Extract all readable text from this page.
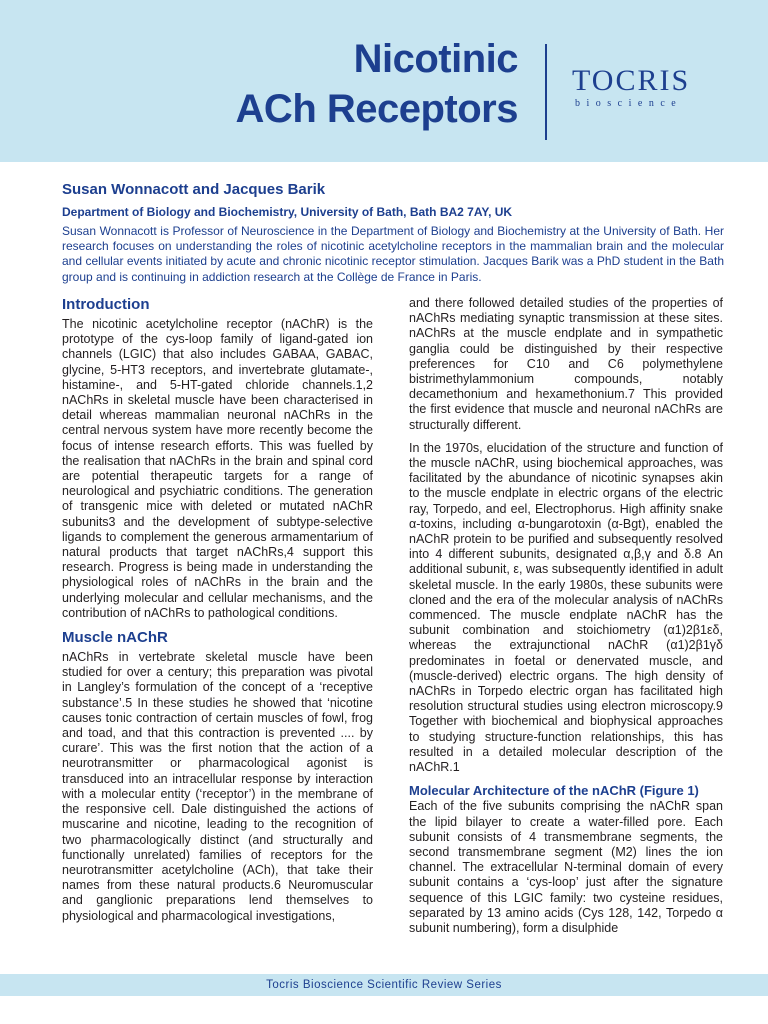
Nicotinic
ACh Receptors
TOCRIS
bioscience
Susan Wonnacott and Jacques Barik
Department of Biology and Biochemistry, University of Bath, Bath BA2 7AY, UK
Susan Wonnacott is Professor of Neuroscience in the Department of Biology and Biochemistry at the University of Bath. Her research focuses on understanding the roles of nicotinic acetylcholine receptors in the mammalian brain and the molecular and cellular events initiated by acute and chronic nicotinic receptor stimulation. Jacques Barik was a PhD student in the Bath group and is continuing in addiction research at the Collège de France in Paris.
Introduction

The nicotinic acetylcholine receptor (nAChR) is the prototype of the cys-loop family of ligand-gated ion channels (LGIC) that also includes GABAA, GABAC, glycine, 5-HT3 receptors, and invertebrate glutamate-, histamine-, and 5-HT-gated chloride channels.1,2 nAChRs in skeletal muscle have been characterised in detail whereas mammalian neuronal nAChRs in the central nervous system have more recently become the focus of intense research efforts. This was fuelled by the realisation that nAChRs in the brain and spinal cord are potential therapeutic targets for a range of neurological and psychiatric conditions. The generation of transgenic mice with deleted or mutated nAChR subunits3 and the development of subtype-selective ligands to complement the generous armamentarium of natural products that target nAChRs,4 support this research. Progress is being made in understanding the physiological roles of nAChRs in the brain and the underlying molecular and cellular mechanisms, and the contribution of nAChRs to pathological conditions.

Muscle nAChR

nAChRs in vertebrate skeletal muscle have been studied for over a century; this preparation was pivotal in Langley’s formulation of the concept of a ‘receptive substance’.5 In these studies he showed that ‘nicotine causes tonic contraction of certain muscles of fowl, frog and toad, and that this contraction is prevented .... by curare’. This was the first notion that the action of a neurotransmitter or pharmacological agonist is transduced into an intracellular response by interaction with a molecular entity (‘receptor’) in the membrane of the responsive cell. Dale distinguished the actions of muscarine and nicotine, leading to the recognition of two pharmacologically distinct (and structurally and functionally unrelated) families of receptors for the neurotransmitter acetylcholine (ACh), that take their names from these natural products.6 Neuromuscular and ganglionic preparations lend themselves to physiological and pharmacological investigations,

and there followed detailed studies of the properties of nAChRs mediating synaptic transmission at these sites. nAChRs at the muscle endplate and in sympathetic ganglia could be distinguished by their respective preferences for C10 and C6 polymethylene bistrimethylammonium compounds, notably decamethonium and hexamethonium.7 This provided the first evidence that muscle and neuronal nAChRs are structurally different.

In the 1970s, elucidation of the structure and function of the muscle nAChR, using biochemical approaches, was facilitated by the abundance of nicotinic synapses akin to the muscle endplate in electric organs of the electric ray, Torpedo, and eel, Electrophorus. High affinity snake α-toxins, including α-bungarotoxin (α-Bgt), enabled the nAChR protein to be purified and subsequently resolved into 4 different subunits, designated α,β,γ and δ.8 An additional subunit, ε, was subsequently identified in adult skeletal muscle. In the early 1980s, these subunits were cloned and the era of the molecular analysis of nAChRs commenced. The muscle endplate nAChR has the subunit combination and stoichiometry (α1)2β1εδ, whereas the extrajunctional nAChR (α1)2β1γδ predominates in foetal or denervated muscle, and (muscle-derived) electric organs. The high density of nAChRs in Torpedo electric organ has facilitated high resolution structural studies using electron microscopy.9 Together with biochemical and biophysical approaches to studying structure-function relationships, this has resulted in a detailed molecular description of the nAChR.1

Molecular Architecture of the nAChR (Figure 1)

Each of the five subunits comprising the nAChR span the lipid bilayer to create a water-filled pore. Each subunit consists of 4 transmembrane segments, the second transmembrane segment (M2) lines the ion channel. The extracellular N-terminal domain of every subunit contains a ‘cys-loop’ just after the signature sequence of this LGIC family: two cysteine residues, separated by 13 amino acids (Cys 128, 142, Torpedo α subunit numbering), form a disulphide

Tocris Bioscience Scientific Review Series
